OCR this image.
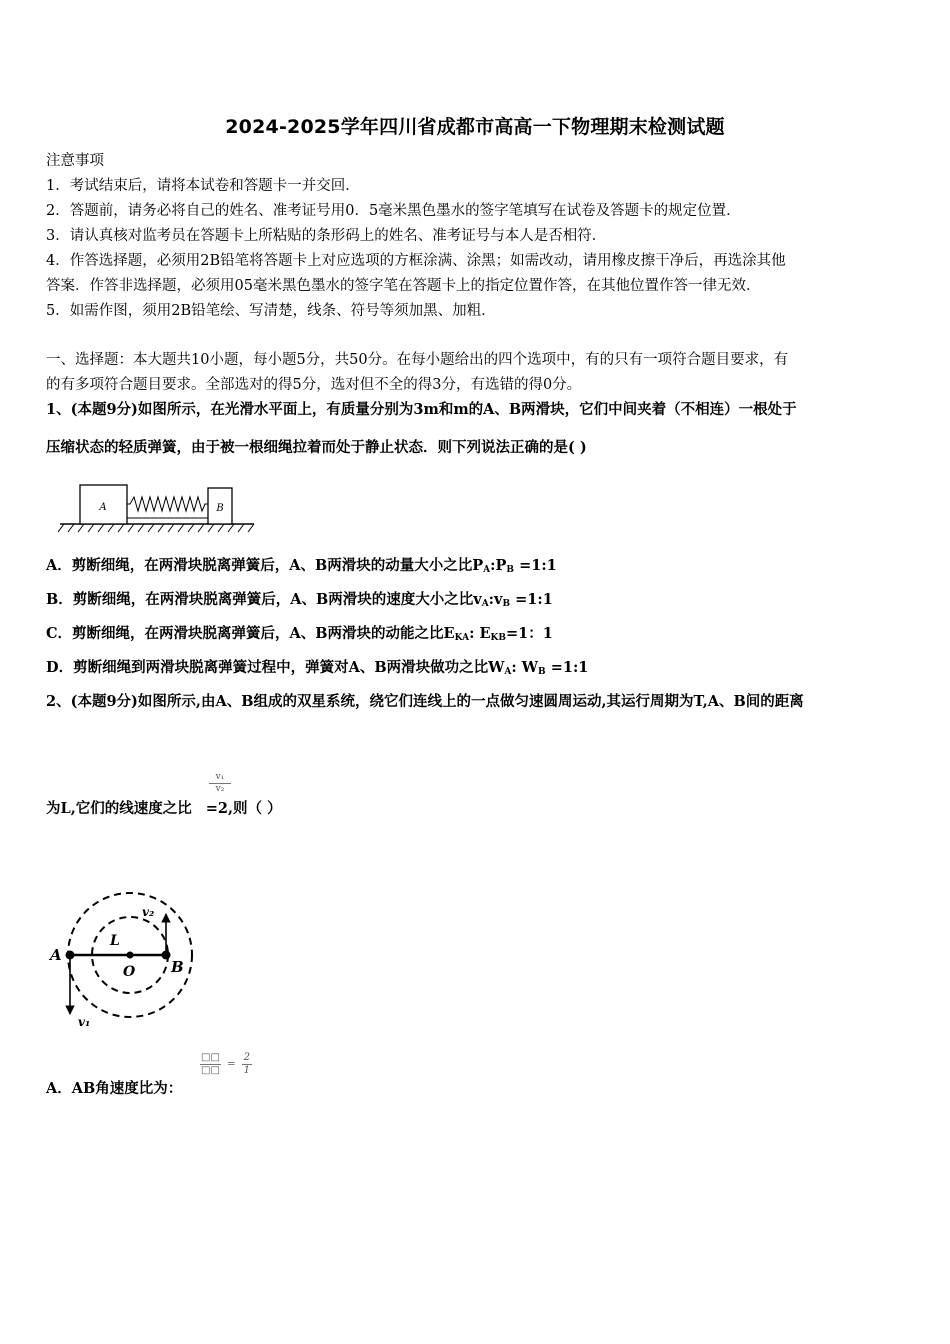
2024-2025学年四川省成都市高高一下物理期末检测试题
注意事项
1．考试结束后，请将本试卷和答题卡一并交回．
2．答题前，请务必将自己的姓名、准考证号用0．5毫米黑色墨水的签字笔填写在试卷及答题卡的规定位置．
3．请认真核对监考员在答题卡上所粘贴的条形码上的姓名、准考证号与本人是否相符．
4．作答选择题，必须用2B铅笔将答题卡上对应选项的方框涂满、涂黑；如需改动，请用橡皮擦干净后，再选涂其他
答案．作答非选择题，必须用05毫米黑色墨水的签字笔在答题卡上的指定位置作答，在其他位置作答一律无效．
5．如需作图，须用2B铅笔绘、写清楚，线条、符号等须加黑、加粗．
一、选择题：本大题共10小题，每小题5分，共50分。在每小题给出的四个选项中，有的只有一项符合题目要求，有
的有多项符合题目要求。全部选对的得5分，选对但不全的得3分，有选错的得0分。
1、(本题9分)如图所示，在光滑水平面上，有质量分别为3m和m的A、B两滑块，它们中间夹着（不相连）一根处于
压缩状态的轻质弹簧，由于被一根细绳拉着而处于静止状态．则下列说法正确的是( )
A	B
A．剪断细绳，在两滑块脱离弹簧后，A、B两滑块的动量大小之比$P_A:P_B$ =1:1
B．剪断细绳，在两滑块脱离弹簧后，A、B两滑块的速度大小之比$v_A:v_B$ =1:1
C．剪断细绳，在两滑块脱离弹簧后，A、B两滑块的动能之比$E_{KA}$: $E_{KB}=1$：1
D．剪断细绳到两滑块脱离弹簧过程中，弹簧对A、B两滑块做功之比$W_A$: $W_B$ =1:1
2、(本题9分)如图所示,由A、B组成的双星系统，绕它们连线上的一点做匀速圆周运动,其运行周期为T,A、B间的距离
为L,它们的线速度之比 =2,则（ ）
v₁
v₂
A
B
O
L
v₁
v₂
A．AB角速度比为：
□□
□□
= $\frac{2}{1}$
